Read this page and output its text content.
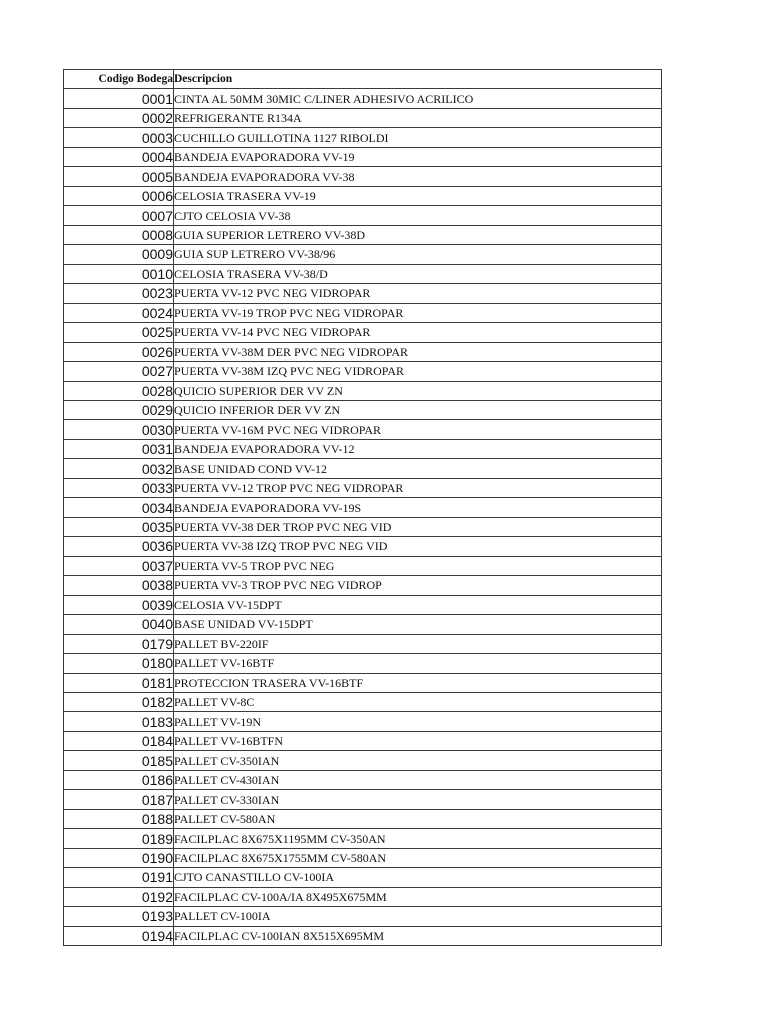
Codigo Bodega	Descripcion
0001	CINTA AL 50MM 30MIC C/LINER ADHESIVO ACRILICO
0002	REFRIGERANTE R134A
0003	CUCHILLO GUILLOTINA 1127 RIBOLDI
0004	BANDEJA EVAPORADORA VV-19
0005	BANDEJA EVAPORADORA VV-38
0006	CELOSIA TRASERA VV-19
0007	CJTO CELOSIA VV-38
0008	GUIA SUPERIOR LETRERO VV-38D
0009	GUIA SUP LETRERO VV-38/96
0010	CELOSIA TRASERA VV-38/D
0023	PUERTA VV-12 PVC NEG VIDROPAR
0024	PUERTA VV-19 TROP PVC NEG VIDROPAR
0025	PUERTA VV-14 PVC NEG VIDROPAR
0026	PUERTA VV-38M DER PVC NEG VIDROPAR
0027	PUERTA VV-38M IZQ PVC NEG VIDROPAR
0028	QUICIO SUPERIOR DER VV ZN
0029	QUICIO INFERIOR DER VV ZN
0030	PUERTA VV-16M PVC NEG VIDROPAR
0031	BANDEJA EVAPORADORA VV-12
0032	BASE UNIDAD COND VV-12
0033	PUERTA VV-12 TROP PVC NEG VIDROPAR
0034	BANDEJA EVAPORADORA VV-19S
0035	PUERTA VV-38 DER TROP PVC NEG VID
0036	PUERTA VV-38 IZQ TROP PVC NEG VID
0037	PUERTA VV-5 TROP PVC NEG
0038	PUERTA VV-3 TROP PVC NEG VIDROP
0039	CELOSIA VV-15DPT
0040	BASE UNIDAD VV-15DPT
0179	PALLET BV-220IF
0180	PALLET VV-16BTF
0181	PROTECCION TRASERA VV-16BTF
0182	PALLET VV-8C
0183	PALLET VV-19N
0184	PALLET VV-16BTFN
0185	PALLET CV-350IAN
0186	PALLET CV-430IAN
0187	PALLET CV-330IAN
0188	PALLET CV-580AN
0189	FACILPLAC 8X675X1195MM CV-350AN
0190	FACILPLAC 8X675X1755MM CV-580AN
0191	CJTO CANASTILLO CV-100IA
0192	FACILPLAC CV-100A/IA 8X495X675MM
0193	PALLET CV-100IA
0194	FACILPLAC CV-100IAN 8X515X695MM
